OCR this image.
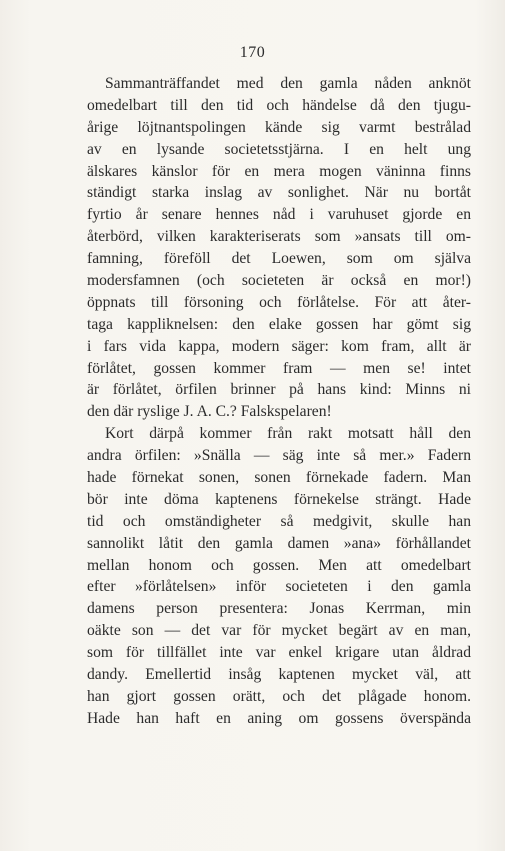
170
Sammanträffandet med den gamla nåden anknöt
omedelbart till den tid och händelse då den tjugu-
årige löjtnantspolingen kände sig varmt bestrålad
av en lysande societetsstjärna. I en helt ung
älskares känslor för en mera mogen väninna finns
ständigt starka inslag av sonlighet. När nu bortåt
fyrtio år senare hennes nåd i varuhuset gjorde en
återbörd, vilken karakteriserats som »ansats till om-
famning, föreföll det Loewen, som om själva
modersfamnen (och societeten är också en mor!)
öppnats till försoning och förlåtelse. För att åter-
taga kappliknelsen: den elake gossen har gömt sig
i fars vida kappa, modern säger: kom fram, allt är
förlåtet, gossen kommer fram — men se! intet
är förlåtet, örfilen brinner på hans kind: Minns ni
den där ryslige J. A. C.? Falskspelaren!
Kort därpå kommer från rakt motsatt håll den
andra örfilen: »Snälla — säg inte så mer.» Fadern
hade förnekat sonen, sonen förnekade fadern. Man
bör inte döma kaptenens förnekelse strängt. Hade
tid och omständigheter så medgivit, skulle han
sannolikt låtit den gamla damen »ana» förhållandet
mellan honom och gossen. Men att omedelbart
efter »förlåtelsen» inför societeten i den gamla
damens person presentera: Jonas Kerrman, min
oäkte son — det var för mycket begärt av en man,
som för tillfället inte var enkel krigare utan åldrad
dandy. Emellertid insåg kaptenen mycket väl, att
han gjort gossen orätt, och det plågade honom.
Hade han haft en aning om gossens överspända
